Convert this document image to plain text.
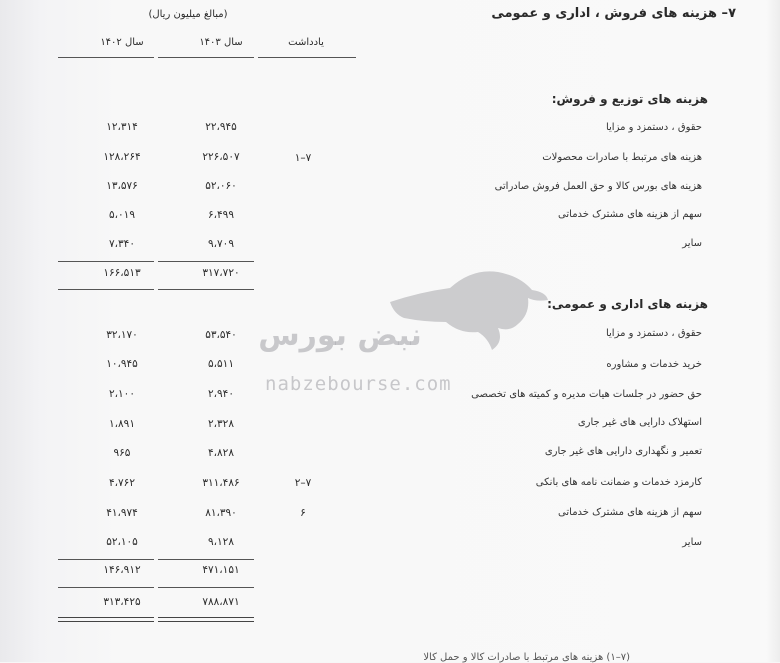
۷– هزینه های فروش ، اداری و عمومی
(مبالغ میلیون ریال)
یادداشت
سال ۱۴۰۳
سال ۱۴۰۲
هزینه های توزیع و فروش:
حقوق ، دستمزد و مزایا
۲۲،۹۴۵
۱۲،۳۱۴
هزینه های مرتبط با صادرات محصولات
۷–۱
۲۲۶،۵۰۷
۱۲۸،۲۶۴
هزینه های بورس کالا و حق العمل فروش صادراتی
۵۲،۰۶۰
۱۳،۵۷۶
سهم از هزینه های مشترک خدماتی
۶،۴۹۹
۵،۰۱۹
سایر
۹،۷۰۹
۷،۳۴۰
۳۱۷،۷۲۰
۱۶۶،۵۱۳
هزینه های اداری و عمومی:
حقوق ، دستمزد و مزایا
۵۳،۵۴۰
۳۲،۱۷۰
خرید خدمات و مشاوره
۵،۵۱۱
۱۰،۹۴۵
حق حضور در جلسات هیات مدیره و کمیته های تخصصی
۲،۹۴۰
۲،۱۰۰
استهلاک دارایی های غیر جاری
۲،۳۲۸
۱،۸۹۱
تعمیر و نگهداری دارایی های غیر جاری
۴،۸۲۸
۹۶۵
کارمزد خدمات و ضمانت نامه های بانکی
۷–۲
۳۱۱،۴۸۶
۴،۷۶۲
سهم از هزینه های مشترک خدماتی
۶
۸۱،۳۹۰
۴۱،۹۷۴
سایر
۹،۱۲۸
۵۲،۱۰۵
۴۷۱،۱۵۱
۱۴۶،۹۱۲
۷۸۸،۸۷۱
۳۱۳،۴۲۵
نبض بورس
nabzebourse.com
(۷–۱) هزینه های مرتبط با صادرات کالا و حمل کالا
